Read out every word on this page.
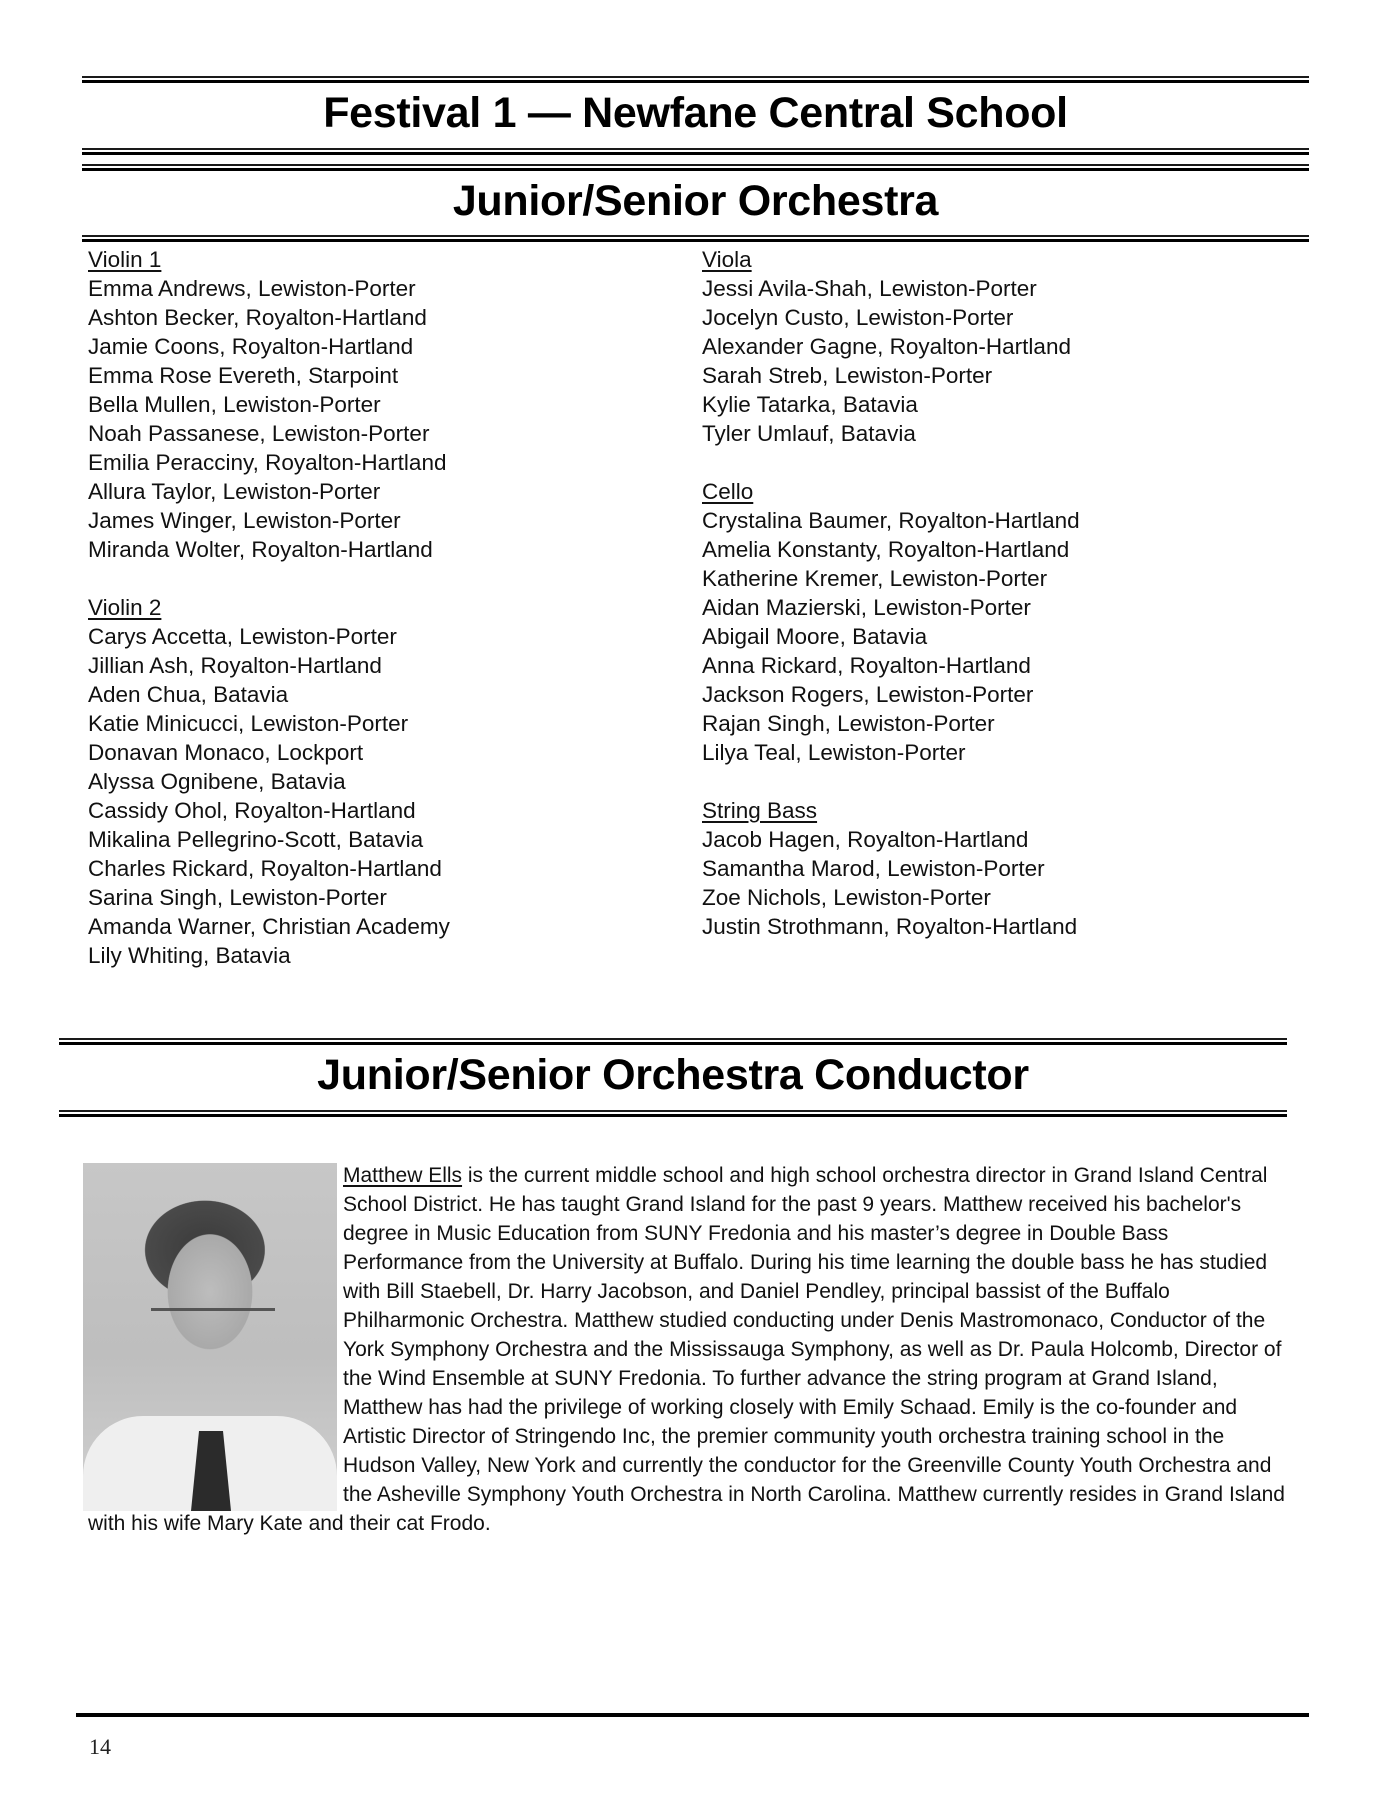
Festival 1 — Newfane Central School
Junior/Senior Orchestra
Violin 1
Emma Andrews, Lewiston-Porter
Ashton Becker, Royalton-Hartland
Jamie Coons, Royalton-Hartland
Emma Rose Evereth, Starpoint
Bella Mullen, Lewiston-Porter
Noah Passanese, Lewiston-Porter
Emilia Peracciny, Royalton-Hartland
Allura Taylor, Lewiston-Porter
James Winger, Lewiston-Porter
Miranda Wolter, Royalton-Hartland
Violin 2
Carys Accetta, Lewiston-Porter
Jillian Ash, Royalton-Hartland
Aden Chua, Batavia
Katie Minicucci, Lewiston-Porter
Donavan Monaco, Lockport
Alyssa Ognibene, Batavia
Cassidy Ohol, Royalton-Hartland
Mikalina Pellegrino-Scott, Batavia
Charles Rickard, Royalton-Hartland
Sarina Singh, Lewiston-Porter
Amanda Warner, Christian Academy
Lily Whiting, Batavia
Viola
Jessi Avila-Shah, Lewiston-Porter
Jocelyn Custo, Lewiston-Porter
Alexander Gagne, Royalton-Hartland
Sarah Streb, Lewiston-Porter
Kylie Tatarka, Batavia
Tyler Umlauf, Batavia
Cello
Crystalina Baumer, Royalton-Hartland
Amelia Konstanty, Royalton-Hartland
Katherine Kremer, Lewiston-Porter
Aidan Mazierski, Lewiston-Porter
Abigail Moore, Batavia
Anna Rickard, Royalton-Hartland
Jackson Rogers, Lewiston-Porter
Rajan Singh, Lewiston-Porter
Lilya Teal, Lewiston-Porter
String Bass
Jacob Hagen, Royalton-Hartland
Samantha Marod, Lewiston-Porter
Zoe Nichols, Lewiston-Porter
Justin Strothmann, Royalton-Hartland
Junior/Senior Orchestra Conductor
Matthew Ells is the current middle school and high school orchestra director in Grand Island Central School District. He has taught Grand Island for the past 9 years. Matthew received his bachelor's degree in Music Education from SUNY Fredonia and his master’s degree in Double Bass Performance from the University at Buffalo. During his time learning the double bass he has studied with Bill Staebell, Dr. Harry Jacobson, and Daniel Pendley, principal bassist of the Buffalo Philharmonic Orchestra. Matthew studied conducting under Denis Mastromonaco, Conductor of the York Symphony Orchestra and the Mississauga Symphony, as well as Dr. Paula Holcomb, Director of the Wind Ensemble at SUNY Fredonia. To further advance the string program at Grand Island, Matthew has had the privilege of working closely with Emily Schaad. Emily is the co-founder and Artistic Director of Stringendo Inc, the premier community youth orchestra training school in the Hudson Valley, New York and currently the conductor for the Greenville County Youth Orchestra and the Asheville Symphony Youth Orchestra in North Carolina. Matthew currently resides in Grand Island with his wife Mary Kate and their cat Frodo.
14
